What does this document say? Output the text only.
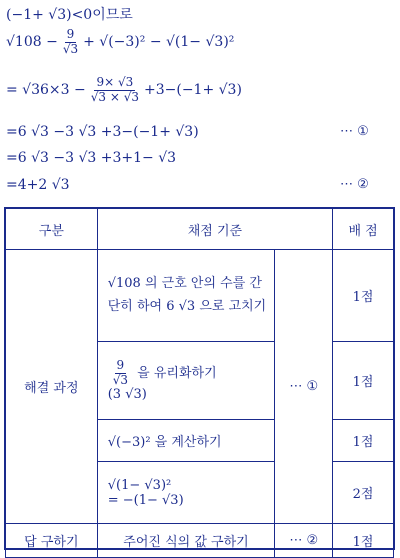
(−1+ √3)<0이므로
$√108 - \frac{9}{√3} + √(-3)^2 - √(1- √3)^2$
= $√36\times 3 - \frac{9\times √3}{√3 \times √3} +3-(-1+ √3)$
=6 √3 −3 √3 +3−(−1+ √3)	⋯ ①
=6 √3 −3 √3 +3+1− √3
=4+2 √3	⋯ ②
구분	채점 기준		배 점
해결 과정	√108 의 근호 안의 수를 간단히 하여 6 √3 으로 고치기	⋯ ①	1점

	$\frac{9}{√3}$ 을 유리화하기
(3 √3)		1점
	√(−3)² 을 계산하기		1점

	√(1− √3)²
= −(1− √3)		2점
답 구하기	주어진 식의 값 구하기	⋯ ②	1점
